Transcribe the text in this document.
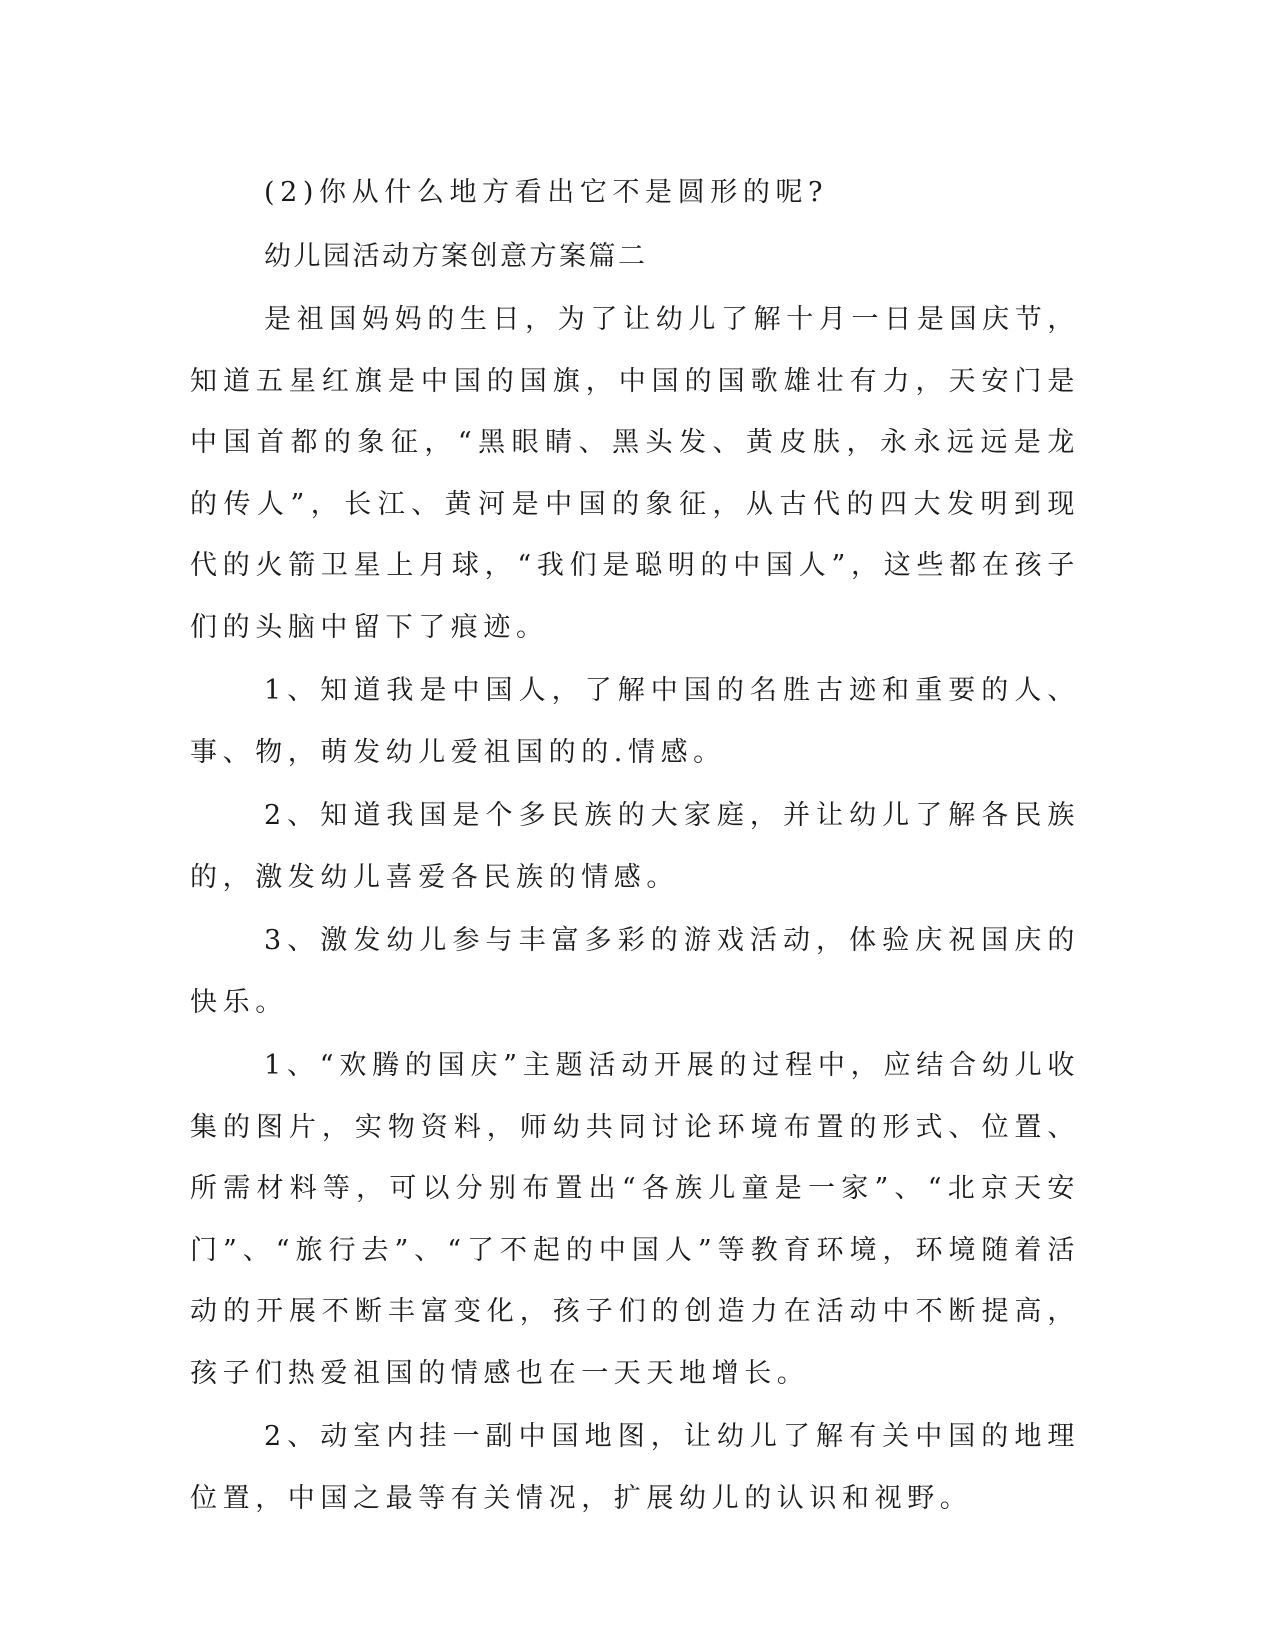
(2)你从什么地方看出它不是圆形的呢?

幼儿园活动方案创意方案篇二

是祖国妈妈的生日，为了让幼儿了解十月一日是国庆节，知道五星红旗是中国的国旗，中国的国歌雄壮有力，天安门是中国首都的象征，“黑眼睛、黑头发、黄皮肤，永永远远是龙的传人”，长江、黄河是中国的象征，从古代的四大发明到现代的火箭卫星上月球，“我们是聪明的中国人”，这些都在孩子们的头脑中留下了痕迹。

1、知道我是中国人，了解中国的名胜古迹和重要的人、事、物，萌发幼儿爱祖国的的.情感。

2、知道我国是个多民族的大家庭，并让幼儿了解各民族的，激发幼儿喜爱各民族的情感。

3、激发幼儿参与丰富多彩的游戏活动，体验庆祝国庆的快乐。

1、“欢腾的国庆”主题活动开展的过程中，应结合幼儿收集的图片，实物资料，师幼共同讨论环境布置的形式、位置、所需材料等，可以分别布置出“各族儿童是一家”、“北京天安门”、“旅行去”、“了不起的中国人”等教育环境，环境随着活动的开展不断丰富变化，孩子们的创造力在活动中不断提高，孩子们热爱祖国的情感也在一天天地增长。

2、动室内挂一副中国地图，让幼儿了解有关中国的地理位置，中国之最等有关情况，扩展幼儿的认识和视野。
